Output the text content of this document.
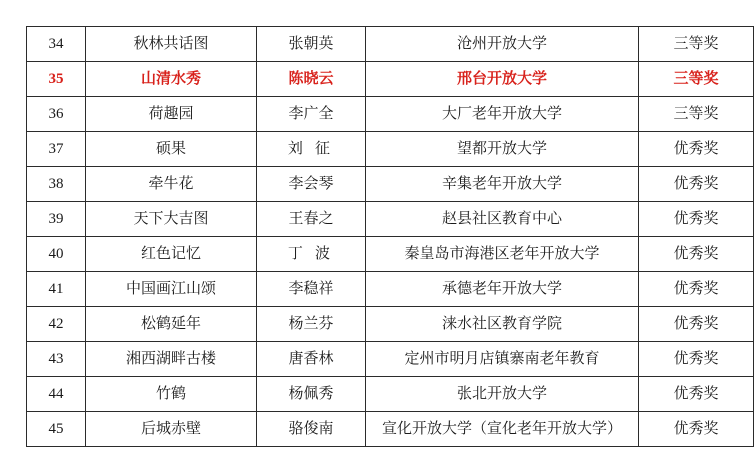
34	秋林共话图	张朝英	沧州开放大学	三等奖
35	山清水秀	陈晓云	邢台开放大学	三等奖
36	荷趣园	李广全	大厂老年开放大学	三等奖
37	硕果	刘 征	望都开放大学	优秀奖
38	牵牛花	李会琴	辛集老年开放大学	优秀奖
39	天下大吉图	王春之	赵县社区教育中心	优秀奖
40	红色记忆	丁 波	秦皇岛市海港区老年开放大学	优秀奖
41	中国画江山颂	李稳祥	承德老年开放大学	优秀奖
42	松鹤延年	杨兰芬	涞水社区教育学院	优秀奖
43	湘西湖畔古楼	唐香林	定州市明月店镇寨南老年教育	优秀奖
44	竹鹤	杨佩秀	张北开放大学	优秀奖
45	后城赤壁	骆俊南	宣化开放大学（宣化老年开放大学）	优秀奖
